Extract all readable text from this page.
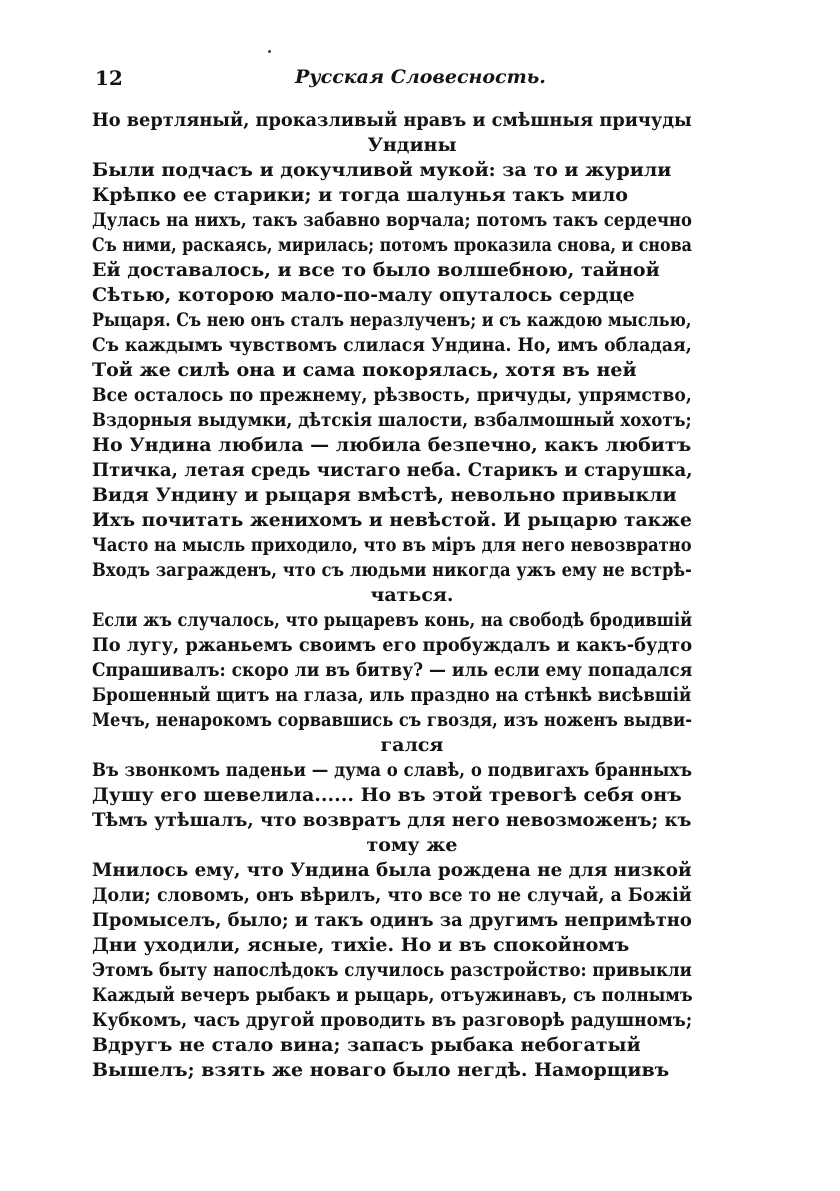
12	Русская Словесность.
Но вертляный, проказливый нравъ и смѣшныя причуды
Ундины
Были подчасъ и докучливой мукой: за то и журили
Крѣпко ее старики; и тогда шалунья такъ мило
Дулась на нихъ, такъ забавно ворчала; потомъ такъ сердечно
Съ ними, раскаясь, мирилась; потомъ проказила снова, и снова
Ей доставалось, и все то было волшебною, тайной
Сѣтью, которою мало-по-малу опуталось сердце
Рыцаря. Съ нею онъ сталъ неразлученъ; и съ каждою мыслью,
Съ каждымъ чувствомъ слилася Ундина. Но, имъ обладая,
Той же силѣ она и сама покорялась, хотя въ ней
Все осталось по прежнему, рѣзвость, причуды, упрямство,
Вздорныя выдумки, дѣтскія шалости, взбалмошный хохотъ;
Но Ундина любила — любила безпечно, какъ любитъ
Птичка, летая средь чистаго неба. Старикъ и старушка,
Видя Ундину и рыцаря вмѣстѣ, невольно привыкли
Ихъ почитать женихомъ и невѣстой. И рыцарю также
Часто на мысль приходило, что въ міръ для него невозвратно
Входъ загражденъ, что съ людьми никогда ужъ ему не встрѣ-
чаться.
Если жъ случалось, что рыцаревъ конь, на свободѣ бродившій
По лугу, ржаньемъ своимъ его пробуждалъ и какъ-будто
Спрашивалъ: скоро ли въ битву? — иль если ему попадался
Брошенный щитъ на глаза, иль праздно на стѣнкѣ висѣвшій
Мечъ, ненарокомъ сорвавшись съ гвоздя, изъ ноженъ выдви-
гался
Въ звонкомъ паденьи — дума о славѣ, о подвигахъ бранныхъ
Душу его шевелила...... Но въ этой тревогѣ себя онъ
Тѣмъ утѣшалъ, что возвратъ для него невозможенъ; къ
тому же
Мнилось ему, что Ундина была рождена не для низкой
Доли; словомъ, онъ вѣрилъ, что все то не случай, а Божій
Промыселъ, было; и такъ одинъ за другимъ непримѣтно
Дни уходили, ясные, тихіе. Но и въ спокойномъ
Этомъ быту напослѣдокъ случилось разстройство: привыкли
Каждый вечеръ рыбакъ и рыцарь, отъужинавъ, съ полнымъ
Кубкомъ, часъ другой проводить въ разговорѣ радушномъ;
Вдругъ не стало вина; запасъ рыбака небогатый
Вышелъ; взять же новаго было негдѣ. Наморщивъ
